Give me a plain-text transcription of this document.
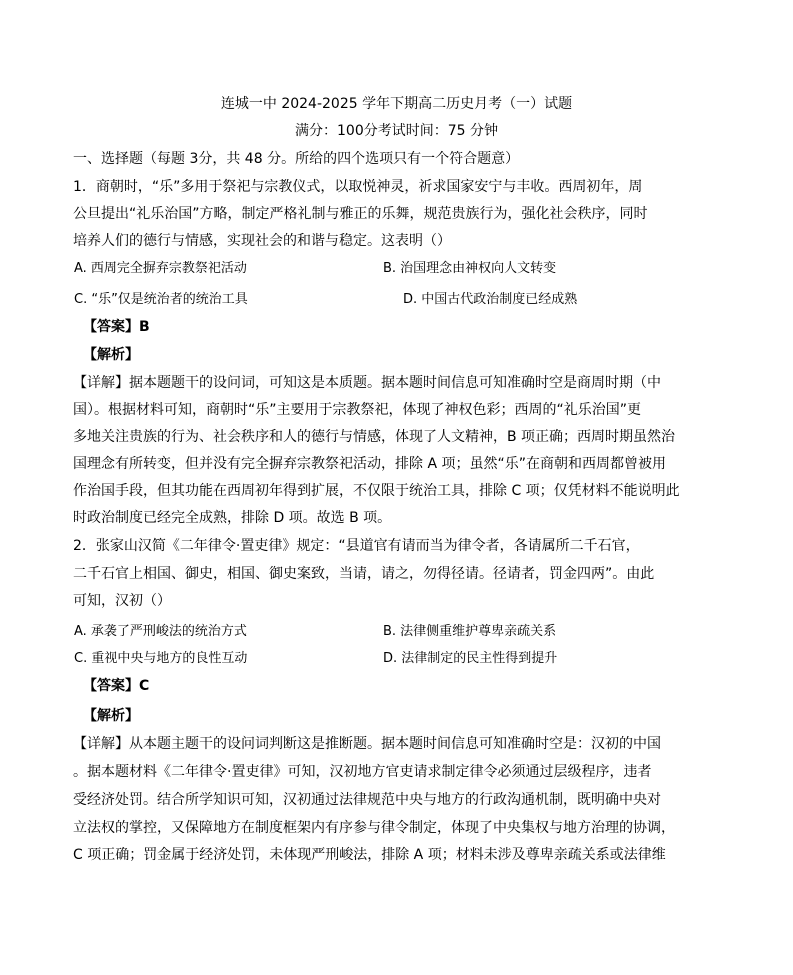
连城一中 2024-2025 学年下期高二历史月考（一）试题
满分：100分考试时间：75 分钟
一、选择题（每题 3分，共 48 分。所给的四个选项只有一个符合题意）
1．商朝时，“乐”多用于祭祀与宗教仪式，以取悦神灵，祈求国家安宁与丰收。西周初年，周
公旦提出“礼乐治国”方略，制定严格礼制与雅正的乐舞，规范贵族行为，强化社会秩序，同时
培养人们的德行与情感，实现社会的和谐与稳定。这表明（）
A. 西周完全摒弃宗教祭祀活动	B. 治国理念由神权向人文转变
C. “乐”仅是统治者的统治工具	D. 中国古代政治制度已经成熟
【答案】B
【解析】
【详解】据本题题干的设问词，可知这是本质题。据本题时间信息可知准确时空是商周时期（中
国）。根据材料可知，商朝时“乐”主要用于宗教祭祀，体现了神权色彩；西周的“礼乐治国”更
多地关注贵族的行为、社会秩序和人的德行与情感，体现了人文精神，B 项正确；西周时期虽然治
国理念有所转变，但并没有完全摒弃宗教祭祀活动，排除 A 项；虽然“乐”在商朝和西周都曾被用
作治国手段，但其功能在西周初年得到扩展，不仅限于统治工具，排除 C 项；仅凭材料不能说明此
时政治制度已经完全成熟，排除 D 项。故选 B 项。
2．张家山汉简《二年律令·置吏律》规定：“县道官有请而当为律令者，各请属所二千石官，
二千石官上相国、御史，相国、御史案致，当请，请之，勿得径请。径请者，罚金四两”。由此
可知，汉初（）
A. 承袭了严刑峻法的统治方式	B. 法律侧重维护尊卑亲疏关系
C. 重视中央与地方的良性互动	D. 法律制定的民主性得到提升
【答案】C
【解析】
【详解】从本题主题干的设问词判断这是推断题。据本题时间信息可知准确时空是：汉初的中国
。据本题材料《二年律令·置吏律》可知，汉初地方官吏请求制定律令必须通过层级程序，违者
受经济处罚。结合所学知识可知，汉初通过法律规范中央与地方的行政沟通机制，既明确中央对
立法权的掌控，又保障地方在制度框架内有序参与律令制定，体现了中央集权与地方治理的协调，
C 项正确；罚金属于经济处罚，未体现严刑峻法，排除 A 项；材料未涉及尊卑亲疏关系或法律维
